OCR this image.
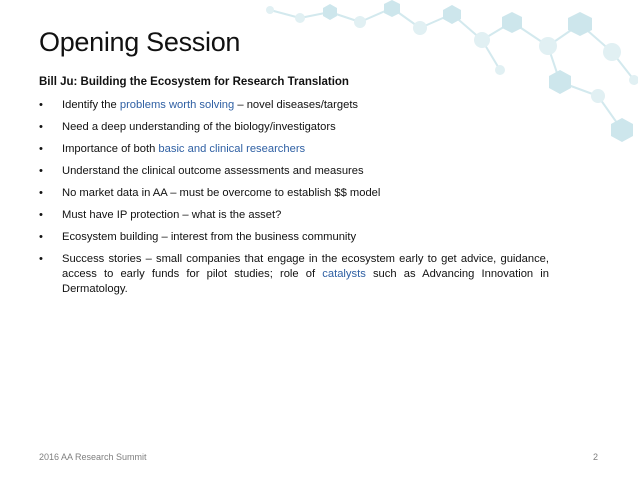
Opening Session
Bill Ju: Building the Ecosystem for Research Translation
• Identify the problems worth solving – novel diseases/targets
• Need a deep understanding of the biology/investigators
• Importance of both basic and clinical researchers
• Understand the clinical outcome assessments and measures
• No market data in AA – must be overcome to establish $$ model
• Must have IP protection – what is the asset?
• Ecosystem building – interest from the business community
• Success stories – small companies that engage in the ecosystem early to get advice, guidance, access to early funds for pilot studies; role of catalysts such as Advancing Innovation in Dermatology.
2016 AA Research Summit	2
